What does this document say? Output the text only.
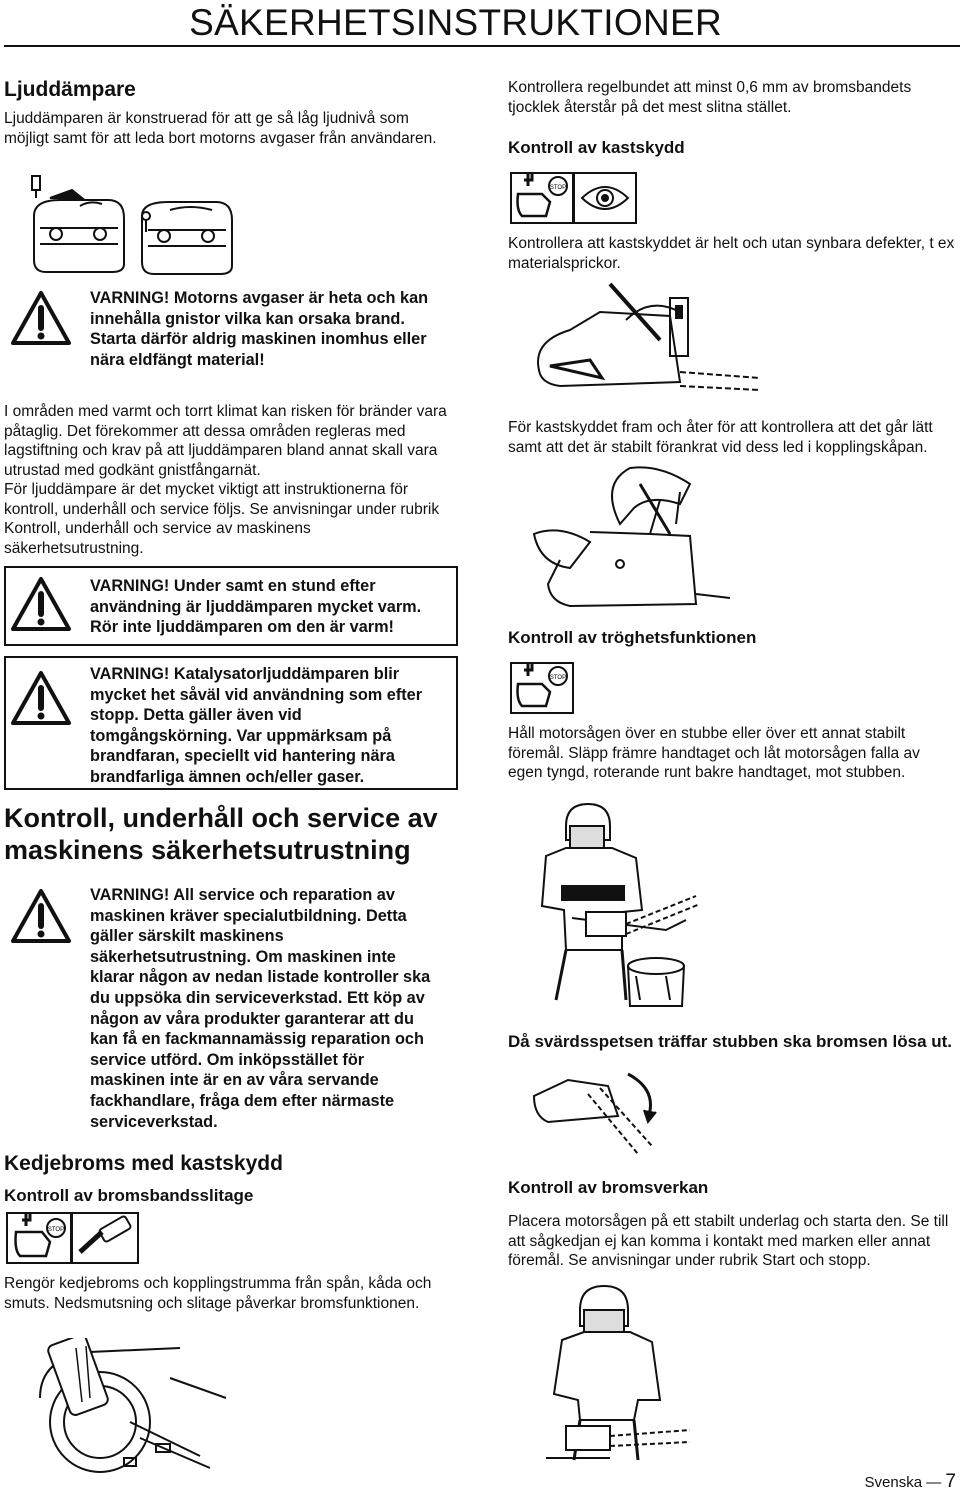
SÄKERHETSINSTRUKTIONER
Ljuddämpare
Ljuddämparen är konstruerad för att ge så låg ljudnivå som möjligt samt för att leda bort motorns avgaser från användaren.
VARNING! Motorns avgaser är heta och kan
innehålla gnistor vilka kan orsaka brand.
Starta därför aldrig maskinen inomhus eller
nära eldfängt material!
I områden med varmt och torrt klimat kan risken för bränder vara påtaglig. Det förekommer att dessa områden regleras med lagstiftning och krav på att ljuddämparen bland annat skall vara utrustad med godkänt gnistfångarnät.
För ljuddämpare är det mycket viktigt att instruktionerna för kontroll, underhåll och service följs. Se anvisningar under rubrik Kontroll, underhåll och service av maskinens säkerhetsutrustning.
VARNING! Under samt en stund efter
användning är ljuddämparen mycket varm.
Rör inte ljuddämparen om den är varm!
VARNING! Katalysatorljuddämparen blir
mycket het såväl vid användning som efter
stopp. Detta gäller även vid
tomgångskörning. Var uppmärksam på
brandfaran, speciellt vid hantering nära
brandfarliga ämnen och/eller gaser.
Kontroll, underhåll och service av
maskinens säkerhetsutrustning
VARNING! All service och reparation av
maskinen kräver specialutbildning. Detta
gäller särskilt maskinens
säkerhetsutrustning. Om maskinen inte
klarar någon av nedan listade kontroller ska
du uppsöka din serviceverkstad. Ett köp av
någon av våra produkter garanterar att du
kan få en fackmannamässig reparation och
service utförd. Om inköpsstället för
maskinen inte är en av våra servande
fackhandlare, fråga dem efter närmaste
serviceverkstad.
Kedjebroms med kastskydd
Kontroll av bromsbandsslitage
STOP
Rengör kedjebroms och kopplingstrumma från spån, kåda och smuts. Nedsmutsning och slitage påverkar bromsfunktionen.
Kontrollera regelbundet att minst 0,6 mm av bromsbandets tjocklek återstår på det mest slitna stället.
Kontroll av kastskydd
STOP
Kontrollera att kastskyddet är helt och utan synbara defekter, t ex materialsprickor.
För kastskyddet fram och åter för att kontrollera att det går lätt samt att det är stabilt förankrat vid dess led i kopplingskåpan.
Kontroll av tröghetsfunktionen
STOP
Håll motorsågen över en stubbe eller över ett annat stabilt föremål. Släpp främre handtaget och låt motorsågen falla av egen tyngd, roterande runt bakre handtaget, mot stubben.
Då svärdsspetsen träffar stubben ska bromsen lösa ut.
Kontroll av bromsverkan
Placera motorsågen på ett stabilt underlag och starta den. Se till att sågkedjan ej kan komma i kontakt med marken eller annat föremål. Se anvisningar under rubrik Start och stopp.
Svenska — 7
